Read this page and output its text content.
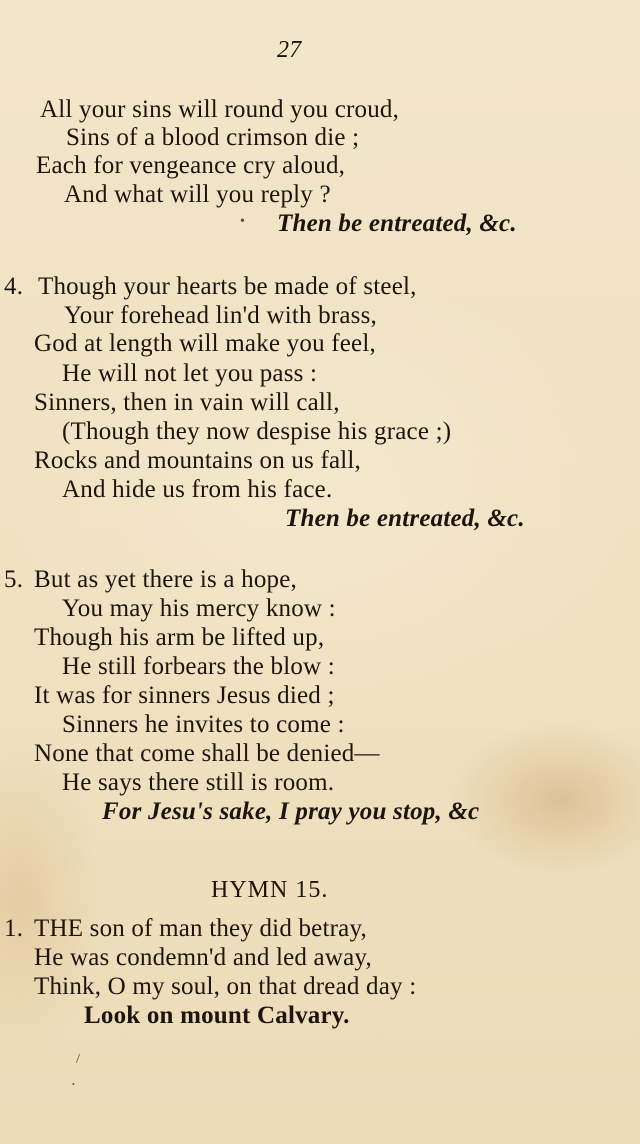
27
All your sins will round you croud,
Sins of a blood crimson die ;
Each for vengeance cry aloud,
And what will you reply ?
Then be entreated, &c.
4. Though your hearts be made of steel,
Your forehead lin'd with brass,
God at length will make you feel,
He will not let you pass :
Sinners, then in vain will call,
(Though they now despise his grace ;)
Rocks and mountains on us fall,
And hide us from his face.
Then be entreated, &c.
5. But as yet there is a hope,
You may his mercy know :
Though his arm be lifted up,
He still forbears the blow :
It was for sinners Jesus died ;
Sinners he invites to come :
None that come shall be denied—
He says there still is room.
For Jesu's sake, I pray you stop, &c
HYMN 15.
1. THE son of man they did betray,
He was condemn'd and led away,
Think, O my soul, on that dread day :
Look on mount Calvary.
•
/
•
